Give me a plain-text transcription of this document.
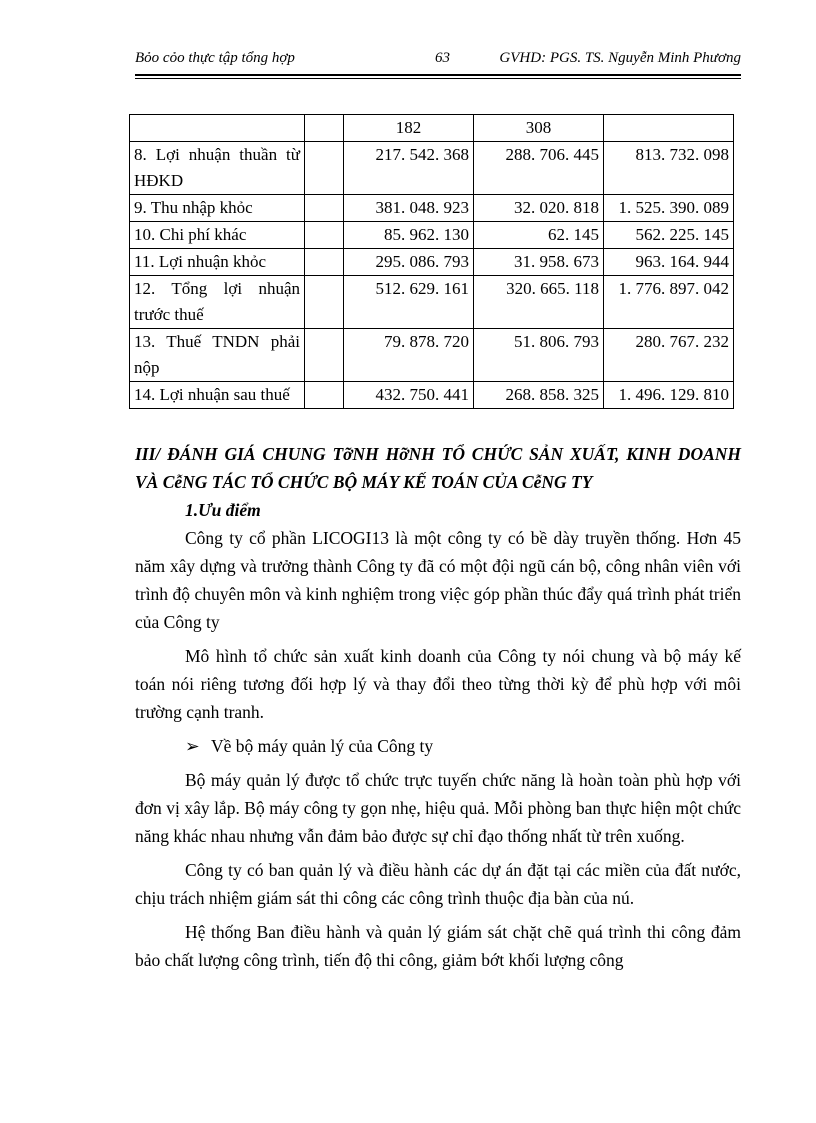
Bỏo cỏo thực tập tổng hợp	63	GVHD: PGS. TS. Nguyễn Minh Phương
		182	308	
8. Lợi nhuận thuần từ HĐKD		217. 542. 368	288. 706. 445	813. 732. 098
9. Thu nhập khỏc		381. 048. 923	32. 020. 818	1. 525. 390. 089
10. Chi phí khác		85. 962. 130	62. 145	562. 225. 145
11. Lợi nhuận khỏc		295. 086. 793	31. 958. 673	963. 164. 944
12. Tổng lợi nhuận trước thuế		512. 629. 161	320. 665. 118	1. 776. 897. 042
13. Thuế TNDN phải nộp		79. 878. 720	51. 806. 793	280. 767. 232
14. Lợi nhuận sau thuế		432. 750. 441	268. 858. 325	1. 496. 129. 810
III/ ĐÁNH GIÁ CHUNG TỡNH HỡNH TỔ CHỨC SẢN XUẤT, KINH DOANH VÀ CễNG TÁC TỔ CHỨC BỘ MÁY KẾ TOÁN CỦA CễNG TY
1.Ưu điểm

Công ty cổ phần LICOGI13 là một công ty có bề dày truyền thống. Hơn 45 năm xây dựng và trưởng thành Công ty đã có một đội ngũ cán bộ, công nhân viên với trình độ chuyên môn và kinh nghiệm trong việc góp phần thúc đẩy quá trình phát triển của Công ty

Mô hình tổ chức sản xuất kinh doanh của Công ty nói chung và bộ máy kế toán nói riêng tương đối hợp lý và thay đổi theo từng thời kỳ để phù hợp với môi trường cạnh tranh.

➢ Về bộ máy quản lý của Công ty

Bộ máy quản lý được tổ chức trực tuyến chức năng là hoàn toàn phù hợp với đơn vị xây lắp. Bộ máy công ty gọn nhẹ, hiệu quả. Mỗi phòng ban thực hiện một chức năng khác nhau nhưng vẫn đảm bảo được sự chỉ đạo thống nhất từ trên xuống.

Công ty có ban quản lý và điều hành các dự án đặt tại các miền của đất nước, chịu trách nhiệm giám sát thi công các công trình thuộc địa bàn của nú.

Hệ thống Ban điều hành và quản lý giám sát chặt chẽ quá trình thi công đảm bảo chất lượng công trình, tiến độ thi công, giảm bớt khối lượng công
